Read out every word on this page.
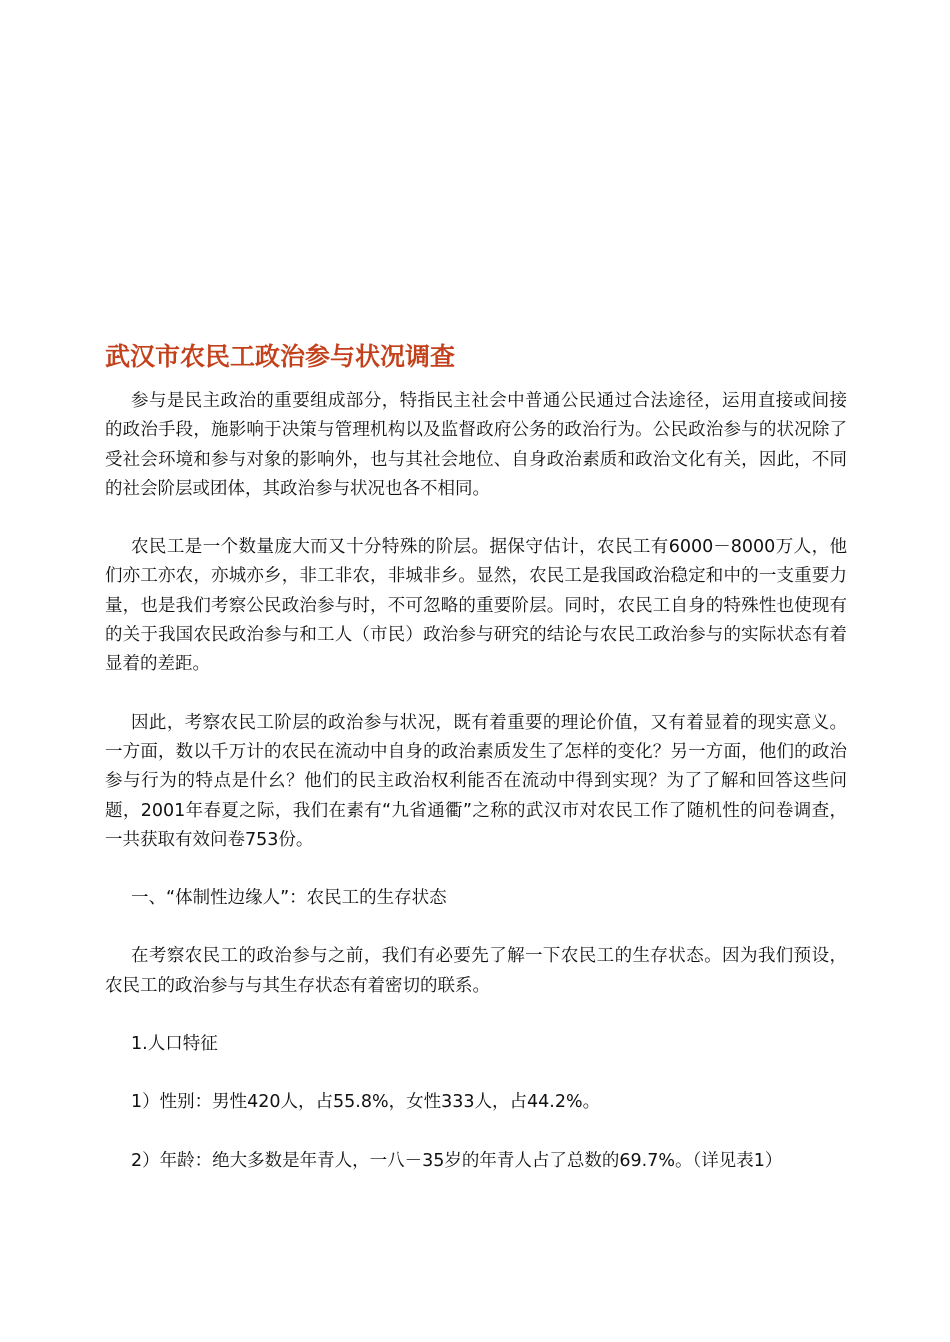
武汉市农民工政治参与状况调查

参与是民主政治的重要组成部分，特指民主社会中普通公民通过合法途径，运用直接或间接的政治手段，施影响于决策与管理机构以及监督政府公务的政治行为。公民政治参与的状况除了受社会环境和参与对象的影响外，也与其社会地位、自身政治素质和政治文化有关，因此，不同的社会阶层或团体，其政治参与状况也各不相同。

农民工是一个数量庞大而又十分特殊的阶层。据保守估计，农民工有6000－8000万人，他们亦工亦农，亦城亦乡，非工非农，非城非乡。显然，农民工是我国政治稳定和中的一支重要力量，也是我们考察公民政治参与时，不可忽略的重要阶层。同时，农民工自身的特殊性也使现有的关于我国农民政治参与和工人（市民）政治参与研究的结论与农民工政治参与的实际状态有着显着的差距。

因此，考察农民工阶层的政治参与状况，既有着重要的理论价值，又有着显着的现实意义。一方面，数以千万计的农民在流动中自身的政治素质发生了怎样的变化？另一方面，他们的政治参与行为的特点是什幺？他们的民主政治权利能否在流动中得到实现？为了了解和回答这些问题，2001年春夏之际，我们在素有“九省通衢”之称的武汉市对农民工作了随机性的问卷调查，一共获取有效问卷753份。

一、“体制性边缘人”：农民工的生存状态

在考察农民工的政治参与之前，我们有必要先了解一下农民工的生存状态。因为我们预设，农民工的政治参与与其生存状态有着密切的联系。

1.人口特征

1）性别：男性420人，占55.8%，女性333人，占44.2%。

2）年龄：绝大多数是年青人，一八－35岁的年青人占了总数的69.7%。（详见表1）
